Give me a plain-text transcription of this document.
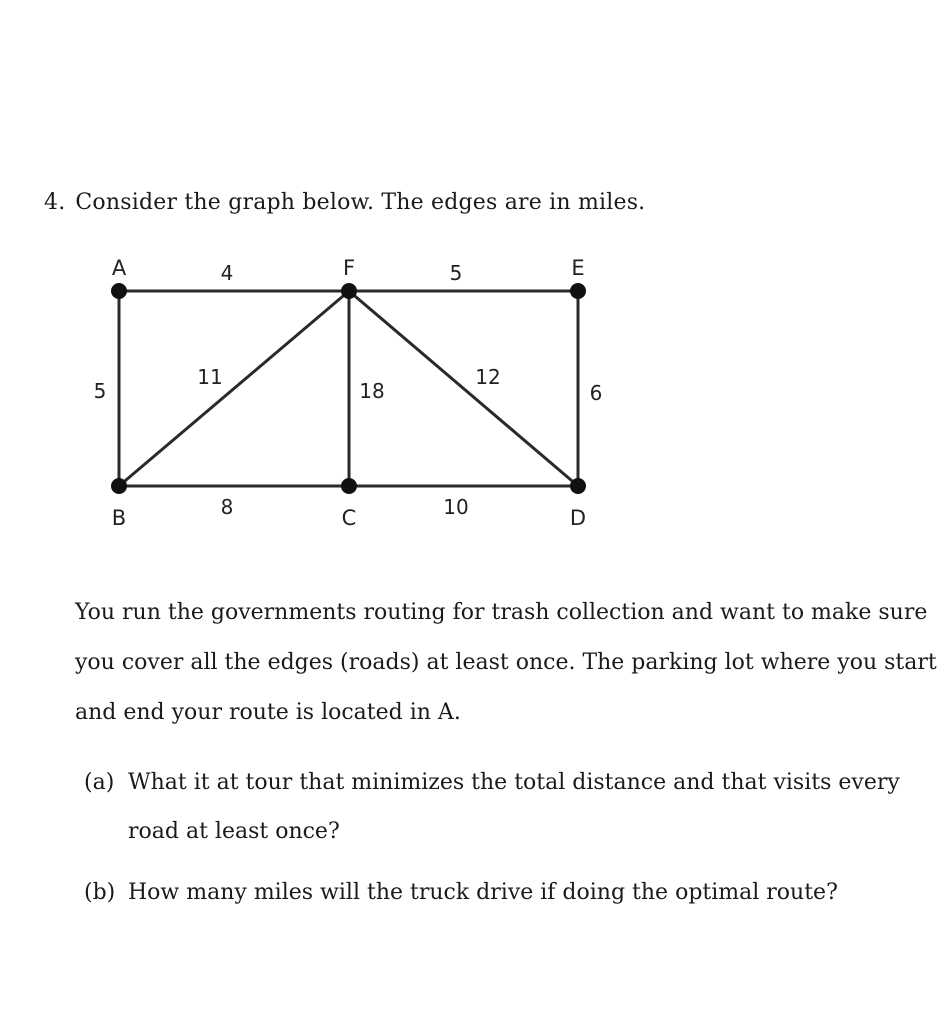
4. Consider the graph below. The edges are in miles.
A	F	E
B	C	D
4	5
5
11
18
12
6
8	10
You run the governments routing for trash collection and want to make sure
you cover all the edges (roads) at least once. The parking lot where you start
and end your route is located in A.
(a) What it at tour that minimizes the total distance and that visits every
road at least once?
(b) How many miles will the truck drive if doing the optimal route?
